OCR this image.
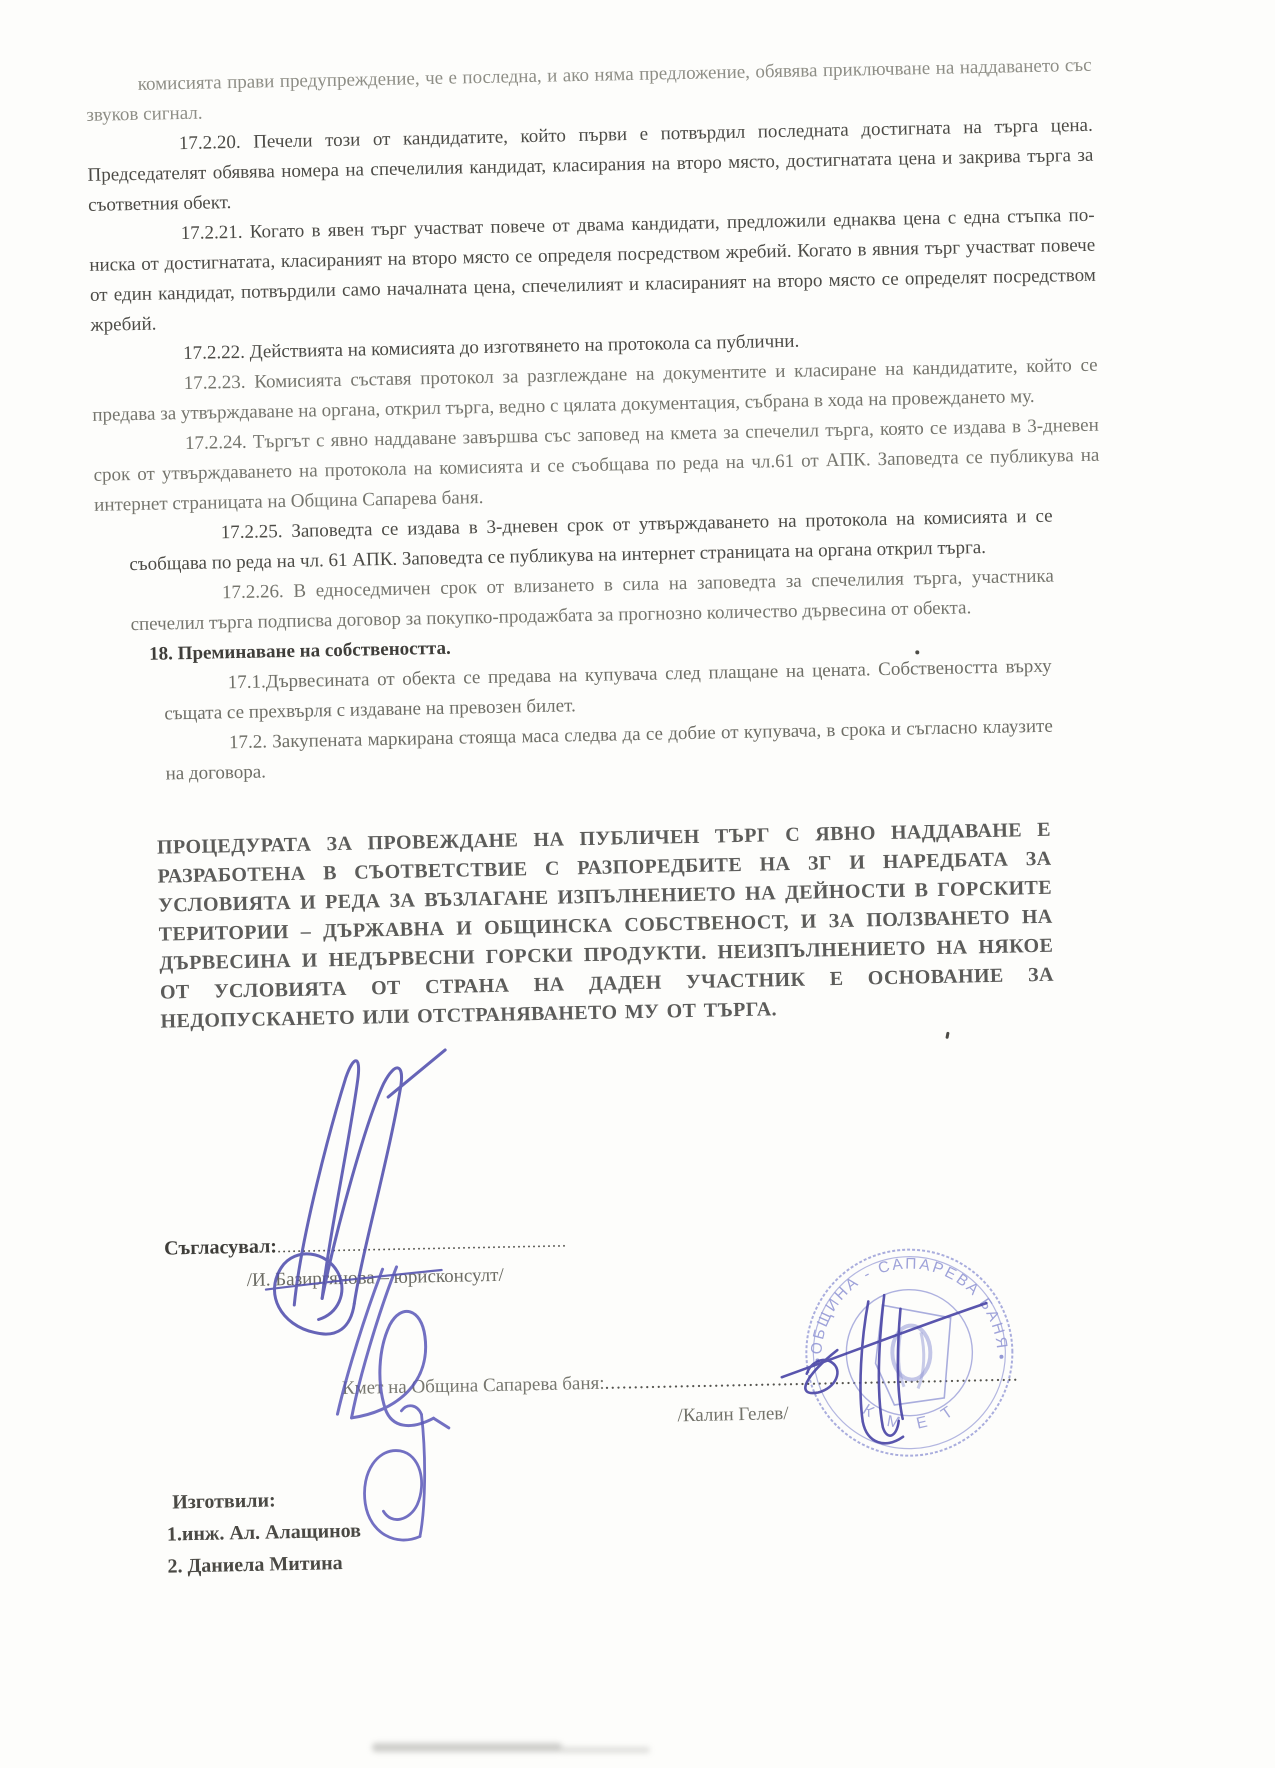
комисията прави предупреждение, че е последна, и ако няма предложение, обявява приключване на наддаването със звуков сигнал.

17.2.20. Печели този от кандидатите, който първи е потвърдил последната достигната на търга цена. Председателят обявява номера на спечелилия кандидат, класирания на второ място, достигнатата цена и закрива търга за съответния обект.

17.2.21. Когато в явен търг участват повече от двама кандидати, предложили еднаква цена с една стъпка по-ниска от достигнатата, класираният на второ място се определя посредством жребий. Когато в явния търг участват повече от един кандидат, потвърдили само началната цена, спечелилият и класираният на второ място се определят посредством жребий.

17.2.22. Действията на комисията до изготвянето на протокола са публични.

17.2.23. Комисията съставя протокол за разглеждане на документите и класиране на кандидатите, който се предава за утвърждаване на органа, открил търга, ведно с цялата документация, събрана в хода на провеждането му.

17.2.24. Търгът с явно наддаване завършва със заповед на кмета за спечелил търга, която се издава в 3-дневен срок от утвърждаването на протокола на комисията и се съобщава по реда на чл.61 от АПК. Заповедта се публикува на интернет страницата на Община Сапарева баня.

17.2.25. Заповедта се издава в 3-дневен срок от утвърждаването на протокола на комисията и се съобщава по реда на чл. 61 АПК. Заповедта се публикува на интернет страницата на органа открил търга.

17.2.26. В едноседмичен срок от влизането в сила на заповедта за спечелилия търга, участника спечелил търга подписва договор за покупко-продажбата за прогнозно количество дървесина от обекта.

18. Преминаване на собствеността.

17.1.Дървесината от обекта се предава на купувача след плащане на цената. Собствеността върху същата се прехвърля с издаване на превозен билет.

17.2. Закупената маркирана стояща маса следва да се добие от купувача, в срока и съгласно клаузите на договора.

ПРОЦЕДУРАТА ЗА ПРОВЕЖДАНЕ НА ПУБЛИЧЕН ТЪРГ С ЯВНО НАДДАВАНЕ Е РАЗРАБОТЕНА В СЪОТВЕТСТВИЕ С РАЗПОРЕДБИТЕ НА ЗГ И НАРЕДБАТА ЗА УСЛОВИЯТА И РЕДА ЗА ВЪЗЛАГАНЕ ИЗПЪЛНЕНИЕТО НА ДЕЙНОСТИ В ГОРСКИТЕ ТЕРИТОРИИ – ДЪРЖАВНА И ОБЩИНСКА СОБСТВЕНОСТ, И ЗА ПОЛЗВАНЕТО НА ДЪРВЕСИНА И НЕДЪРВЕСНИ ГОРСКИ ПРОДУКТИ. НЕИЗПЪЛНЕНИЕТО НА НЯКОЕ ОТ УСЛОВИЯТА ОТ СТРАНА НА ДАДЕН УЧАСТНИК Е ОСНОВАНИЕ ЗА НЕДОПУСКАНЕТО ИЛИ ОТСТРАНЯВАНЕТО МУ ОТ ТЪРГА.
Съгласувал:..........................................................
/И. Базиргянова – юрисконсулт/
Кмет на Община Сапарева баня:........................................................................
/Калин Гелев/
Изготвили:
1.инж. Ал. Алащинов
2. Даниела Митина
ОБЩИНА - САПАРЕВА БАНЯ
К М Е Т
